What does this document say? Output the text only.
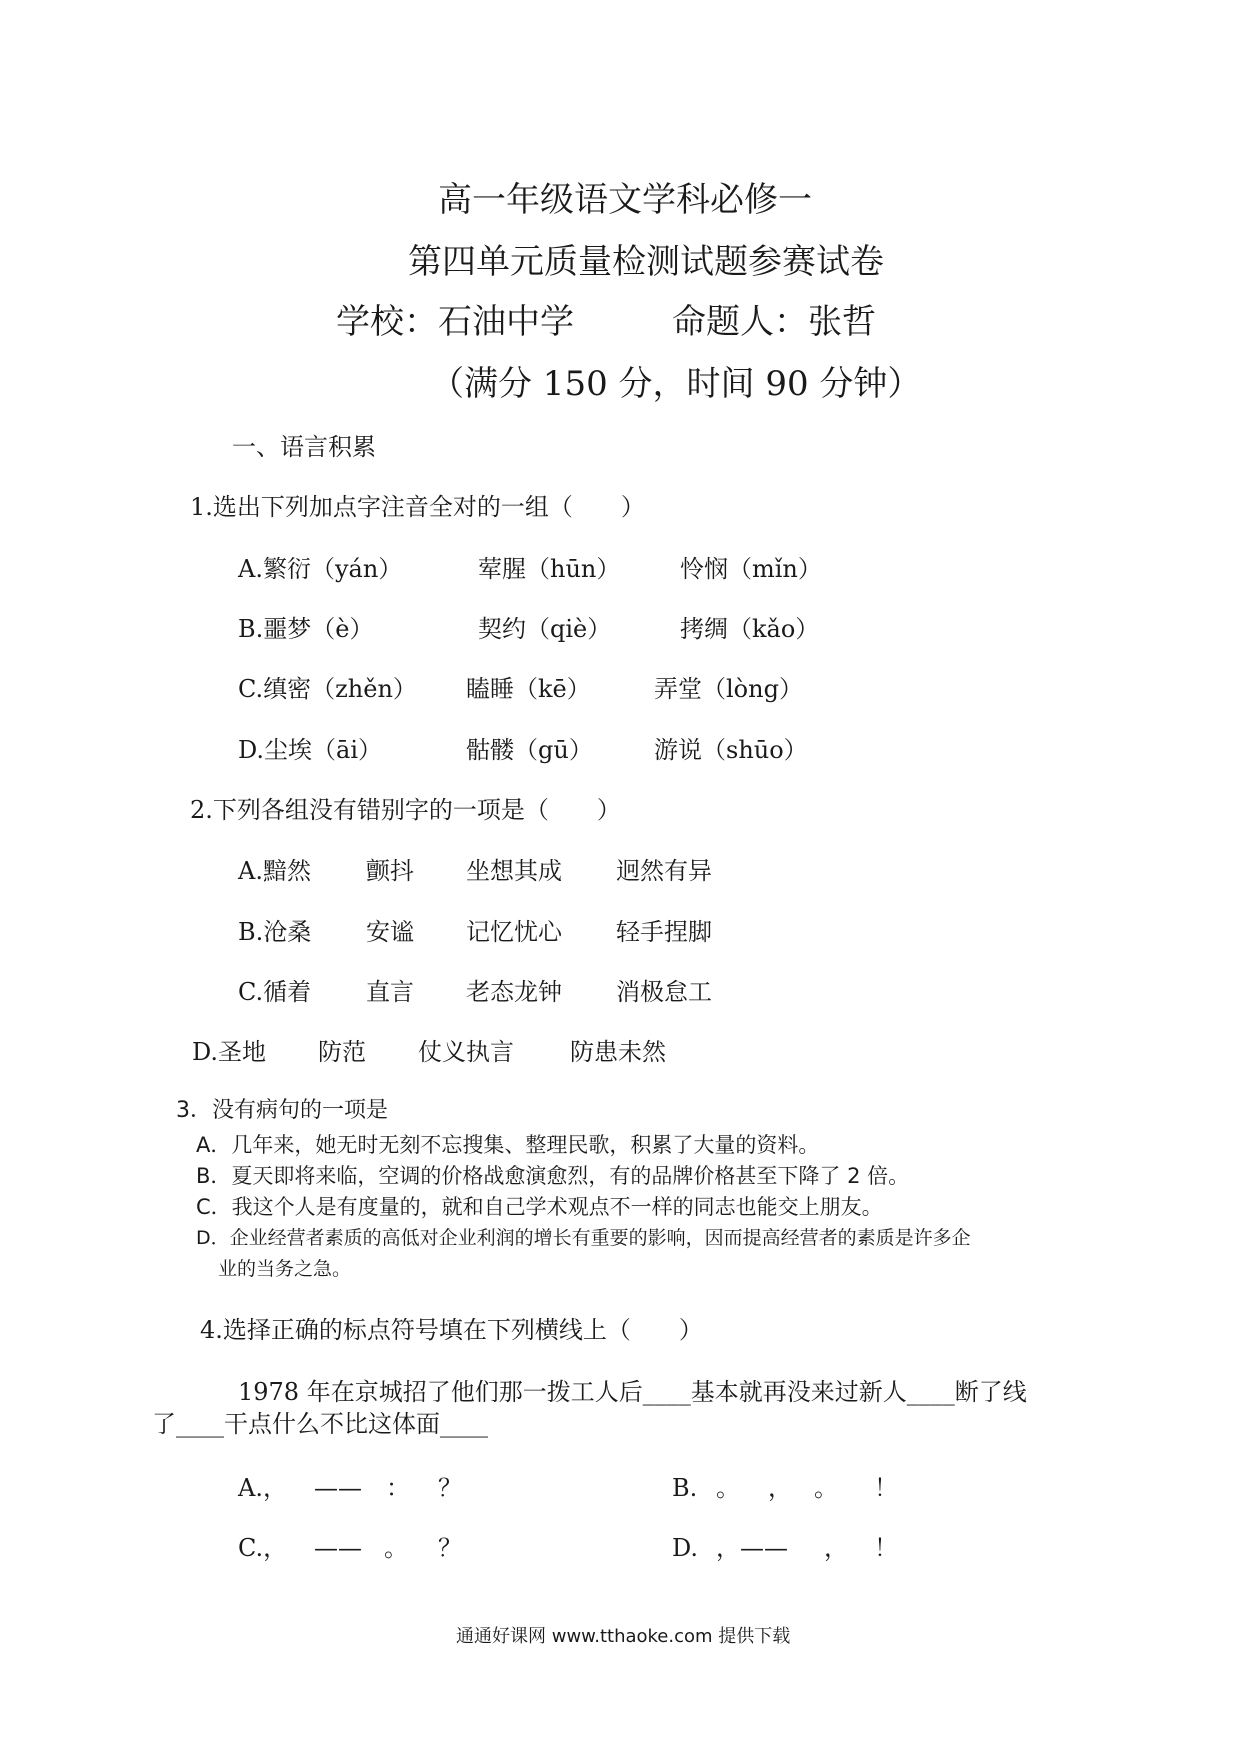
高一年级语文学科必修一
第四单元质量检测试题参赛试卷
学校：石油中学	命题人：张哲
（满分 150 分，时间 90 分钟）
一、语言积累
1.选出下列加点字注音全对的一组（　　）
A.繁衍（yán）	荤腥（hūn） 怜悯（mǐn）
B.噩梦（è）	契约（qiè）	拷绸（kǎo）
C.缜密（zhěn） 瞌睡（kē）	弄堂（lòng）
D.尘埃（āi）	骷髅（gū）	游说（shūo）
2.下列各组没有错别字的一项是（　　）
A.黯然 颤抖 坐想其成 迥然有异
B.沧桑 安谧 记忆忧心 轻手捏脚
C.循着 直言 老态龙钟 消极怠工
D.圣地 防范 仗义执言 防患未然
3．没有病句的一项是
A．几年来，她无时无刻不忘搜集、整理民歌，积累了大量的资料。
B．夏天即将来临，空调的价格战愈演愈烈，有的品牌价格甚至下降了 2 倍。
C．我这个人是有度量的，就和自己学术观点不一样的同志也能交上朋友。
D．企业经营者素质的高低对企业利润的增长有重要的影响，因而提高经营者的素质是许多企
业的当务之急。
4.选择正确的标点符号填在下列横线上（　　）
1978 年在京城招了他们那一拨工人后____基本就再没来过新人____断了线
了____干点什么不比这体面____
A.， —— ： ？	B. 。 ， 。 ！
C.， —— 。 ？	D. ，—— ， ！
通通好课网 www.tthaoke.com 提供下载
